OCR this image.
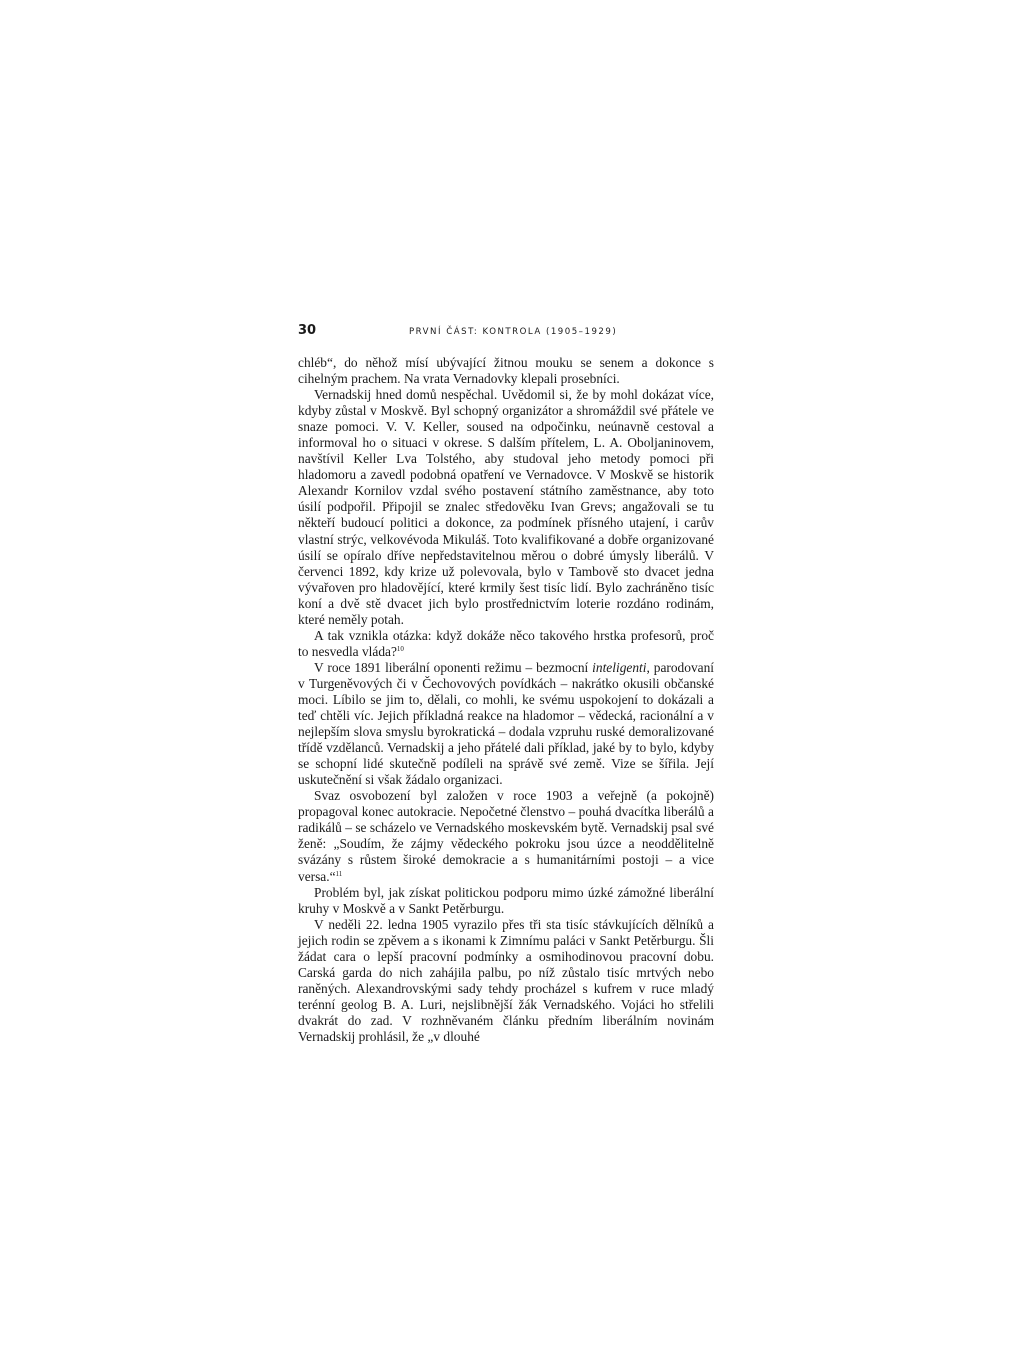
30	PRVNÍ ČÁST: KONTROLA (1905–1929)

chléb“, do něhož mísí ubývající žitnou mouku se senem a dokonce s cihelným prachem. Na vrata Vernadovky klepali prosebníci.

Vernadskij hned domů nespěchal. Uvědomil si, že by mohl dokázat více, kdyby zůstal v Moskvě. Byl schopný organizátor a shromáždil své přátele ve snaze pomoci. V. V. Keller, soused na odpočinku, neúnavně cestoval a informoval ho o situaci v okrese. S dalším přítelem, L. A. Oboljaninovem, navštívil Keller Lva Tolstého, aby studoval jeho metody pomoci při hladomoru a zavedl podobná opatření ve Vernadovce. V Moskvě se historik Alexandr Kornilov vzdal svého postavení státního zaměstnance, aby toto úsilí podpořil. Připojil se znalec středověku Ivan Grevs; angažovali se tu někteří budoucí politici a dokonce, za podmínek přísného utajení, i carův vlastní strýc, velkovévoda Mikuláš. Toto kvalifikované a dobře organizované úsilí se opíralo dříve nepředstavitelnou měrou o dobré úmysly liberálů. V červenci 1892, kdy krize už polevovala, bylo v Tambově sto dvacet jedna vývařoven pro hladovějící, které krmily šest tisíc lidí. Bylo zachráněno tisíc koní a dvě stě dvacet jich bylo prostřednictvím loterie rozdáno rodinám, které neměly potah.

A tak vznikla otázka: když dokáže něco takového hrstka profesorů, proč to nesvedla vláda?$^{10}$

V roce 1891 liberální oponenti režimu – bezmocní inteligenti, parodovaní v Turgeněvových či v Čechovových povídkách – nakrátko okusili občanské moci. Líbilo se jim to, dělali, co mohli, ke svému uspokojení to dokázali a teď chtěli víc. Jejich příkladná reakce na hladomor – vědecká, racionální a v nejlepším slova smyslu byrokratická – dodala vzpruhu ruské demoralizované třídě vzdělanců. Vernadskij a jeho přátelé dali příklad, jaké by to bylo, kdyby se schopní lidé skutečně podíleli na správě své země. Vize se šířila. Její uskutečnění si však žádalo organizaci.

Svaz osvobození byl založen v roce 1903 a veřejně (a pokojně) propagoval konec autokracie. Nepočetné členstvo – pouhá dvacítka liberálů a radikálů – se scházelo ve Vernadského moskevském bytě. Vernadskij psal své ženě: „Soudím, že zájmy vědeckého pokroku jsou úzce a neoddělitelně svázány s růstem široké demokracie a s humanitárními postoji – a vice versa.“$^{11}$

Problém byl, jak získat politickou podporu mimo úzké zámožné liberální kruhy v Moskvě a v Sankt Petěrburgu.

V neděli 22. ledna 1905 vyrazilo přes tři sta tisíc stávkujících dělníků a jejich rodin se zpěvem a s ikonami k Zimnímu paláci v Sankt Petěrburgu. Šli žádat cara o lepší pracovní podmínky a osmihodinovou pracovní dobu. Carská garda do nich zahájila palbu, po níž zůstalo tisíc mrtvých nebo raněných. Alexandrovskými sady tehdy procházel s kufrem v ruce mladý terénní geolog B. A. Luri, nejslibnější žák Vernadského. Vojáci ho střelili dvakrát do zad. V rozhněvaném článku předním liberálním novinám Vernadskij prohlásil, že „v dlouhé
